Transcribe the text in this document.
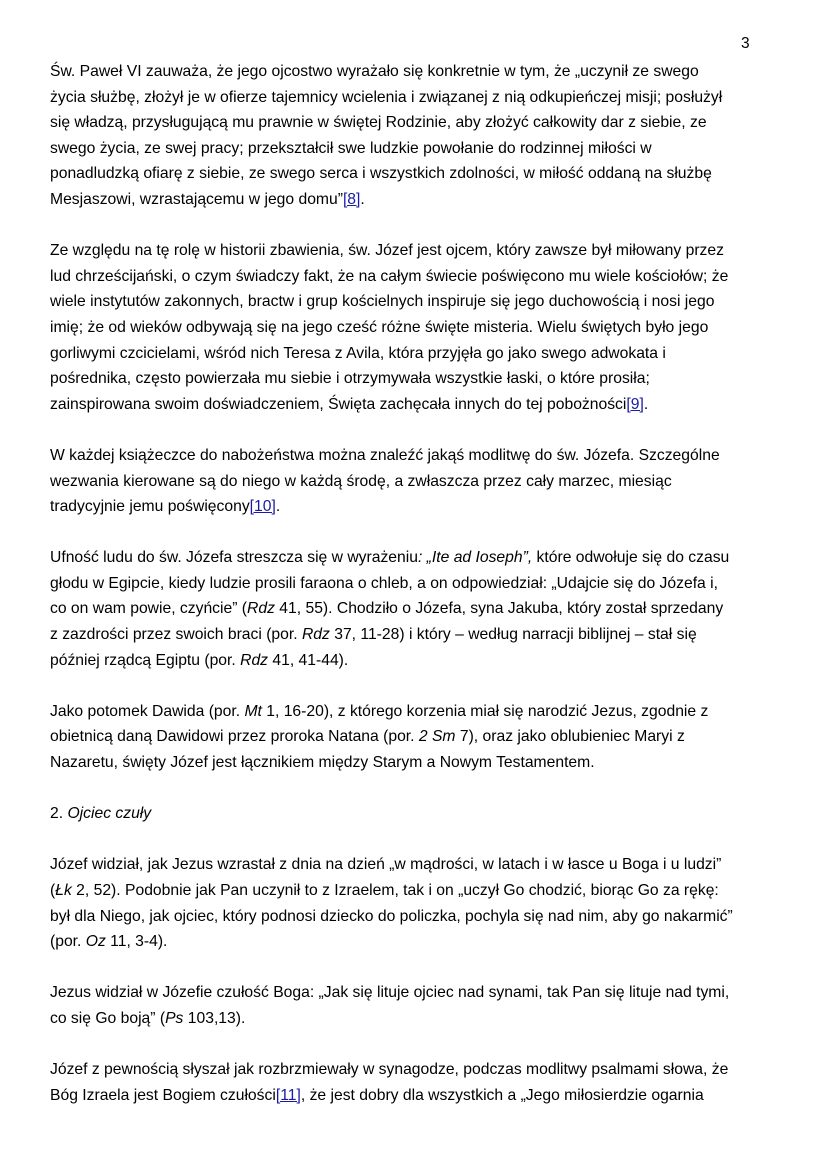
3

Św. Paweł VI zauważa, że jego ojcostwo wyrażało się konkretnie w tym, że „uczynił ze swego
życia służbę, złożył je w ofierze tajemnicy wcielenia i związanej z nią odkupieńczej misji; posłużył
się władzą, przysługującą mu prawnie w świętej Rodzinie, aby złożyć całkowity dar z siebie, ze
swego życia, ze swej pracy; przekształcił swe ludzkie powołanie do rodzinnej miłości w
ponadludzką ofiarę z siebie, ze swego serca i wszystkich zdolności, w miłość oddaną na służbę
Mesjaszowi, wzrastającemu w jego domu”[8].

Ze względu na tę rolę w historii zbawienia, św. Józef jest ojcem, który zawsze był miłowany przez
lud chrześcijański, o czym świadczy fakt, że na całym świecie poświęcono mu wiele kościołów; że
wiele instytutów zakonnych, bractw i grup kościelnych inspiruje się jego duchowością i nosi jego
imię; że od wieków odbywają się na jego cześć różne święte misteria. Wielu świętych było jego
gorliwymi czcicielami, wśród nich Teresa z Avila, która przyjęła go jako swego adwokata i
pośrednika, często powierzała mu siebie i otrzymywała wszystkie łaski, o które prosiła;
zainspirowana swoim doświadczeniem, Święta zachęcała innych do tej pobożności[9].

W każdej książeczce do nabożeństwa można znaleźć jakąś modlitwę do św. Józefa. Szczególne
wezwania kierowane są do niego w każdą środę, a zwłaszcza przez cały marzec, miesiąc
tradycyjnie jemu poświęcony[10].

Ufność ludu do św. Józefa streszcza się w wyrażeniu: „Ite ad Ioseph”, które odwołuje się do czasu
głodu w Egipcie, kiedy ludzie prosili faraona o chleb, a on odpowiedział: „Udajcie się do Józefa i,
co on wam powie, czyńcie” (Rdz 41, 55). Chodziło o Józefa, syna Jakuba, który został sprzedany
z zazdrości przez swoich braci (por. Rdz 37, 11-28) i który – według narracji biblijnej – stał się
później rządcą Egiptu (por. Rdz 41, 41-44).

Jako potomek Dawida (por. Mt 1, 16-20), z którego korzenia miał się narodzić Jezus, zgodnie z
obietnicą daną Dawidowi przez proroka Natana (por. 2 Sm 7), oraz jako oblubieniec Maryi z
Nazaretu, święty Józef jest łącznikiem między Starym a Nowym Testamentem.

2. Ojciec czuły

Józef widział, jak Jezus wzrastał z dnia na dzień „w mądrości, w latach i w łasce u Boga i u ludzi”
(Łk 2, 52). Podobnie jak Pan uczynił to z Izraelem, tak i on „uczył Go chodzić, biorąc Go za rękę:
był dla Niego, jak ojciec, który podnosi dziecko do policzka, pochyla się nad nim, aby go nakarmić”
(por. Oz 11, 3-4).

Jezus widział w Józefie czułość Boga: „Jak się lituje ojciec nad synami, tak Pan się lituje nad tymi,
co się Go boją” (Ps 103,13).

Józef z pewnością słyszał jak rozbrzmiewały w synagodze, podczas modlitwy psalmami słowa, że
Bóg Izraela jest Bogiem czułości[11], że jest dobry dla wszystkich a „Jego miłosierdzie ogarnia
